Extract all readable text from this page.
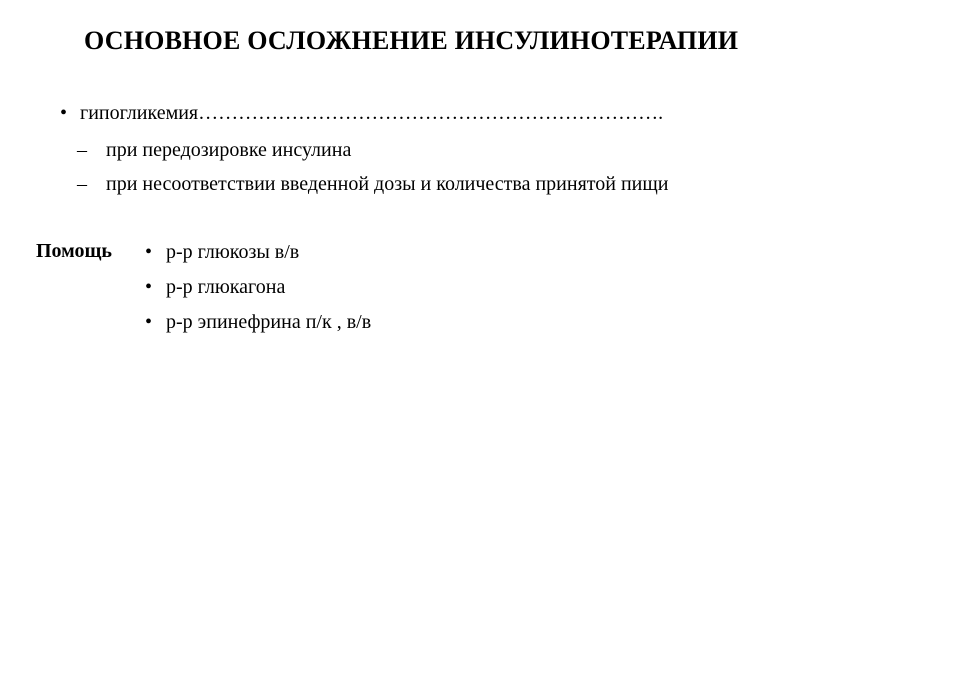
ОСНОВНОЕ ОСЛОЖНЕНИЕ ИНСУЛИНОТЕРАПИИ
• гипогликемия…………………………………………………………….
– при передозировке инсулина
– при несоответствии введенной дозы и количества принятой пищи
Помощь • р-р глюкозы в/в
• р-р глюкагона
• р-р эпинефрина п/к , в/в
